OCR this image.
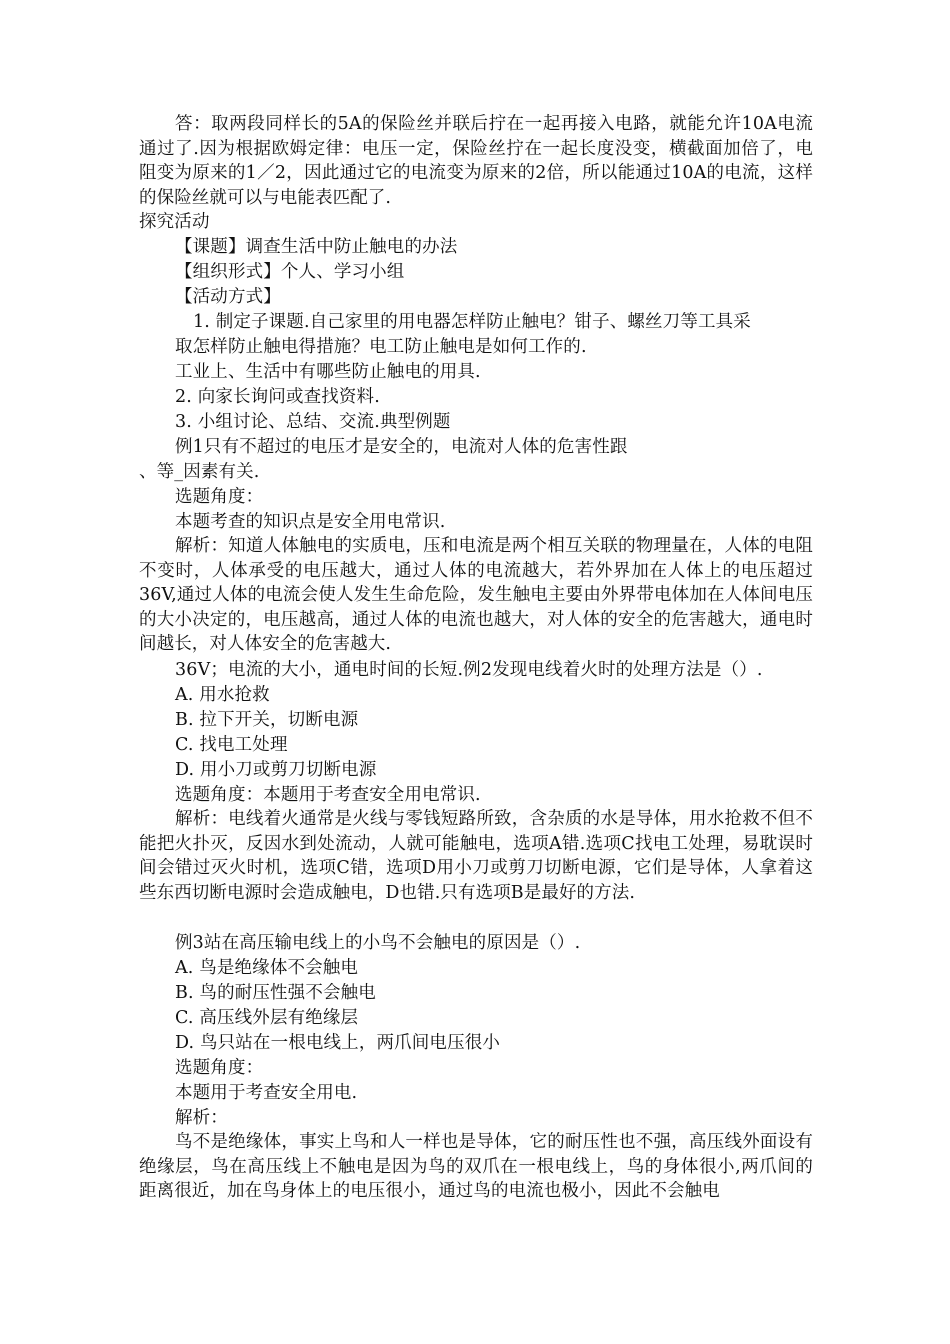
答：取两段同样长的5A的保险丝并联后拧在一起再接入电路，就能允许10A电流通过了.因为根据欧姆定律：电压一定，保险丝拧在一起长度没变，横截面加倍了，电阻变为原来的1／2，因此通过它的电流变为原来的2倍，所以能通过10A的电流，这样的保险丝就可以与电能表匹配了.
探究活动
【课题】调查生活中防止触电的办法
【组织形式】个人、学习小组
【活动方式】
1. 制定子课题.自己家里的用电器怎样防止触电？钳子、螺丝刀等工具采
取怎样防止触电得措施？电工防止触电是如何工作的.
工业上、生活中有哪些防止触电的用具.
2. 向家长询问或查找资料.
3. 小组讨论、总结、交流.典型例题
例1只有不超过的电压才是安全的，电流对人体的危害性跟
、等_因素有关.
选题角度：
本题考查的知识点是安全用电常识.
解析：知道人体触电的实质电，压和电流是两个相互关联的物理量在，人体的电阻不变时，人体承受的电压越大，通过人体的电流越大，若外界加在人体上的电压超过36V,通过人体的电流会使人发生生命危险，发生触电主要由外界带电体加在人体间电压的大小决定的，电压越高，通过人体的电流也越大，对人体的安全的危害越大，通电时间越长，对人体安全的危害越大.
36V；电流的大小，通电时间的长短.例2发现电线着火时的处理方法是（）.
A. 用水抢救
B. 拉下开关，切断电源
C. 找电工处理
D. 用小刀或剪刀切断电源
选题角度：本题用于考查安全用电常识.
解析：电线着火通常是火线与零钱短路所致，含杂质的水是导体，用水抢救不但不能把火扑灭，反因水到处流动，人就可能触电，选项A错.选项C找电工处理，易耽误时间会错过灭火时机，选项C错，选项D用小刀或剪刀切断电源，它们是导体，人拿着这些东西切断电源时会造成触电，D也错.只有选项B是最好的方法.
例3站在高压输电线上的小鸟不会触电的原因是（）.
A. 鸟是绝缘体不会触电
B. 鸟的耐压性强不会触电
C. 高压线外层有绝缘层
D. 鸟只站在一根电线上，两爪间电压很小
选题角度：
本题用于考查安全用电.
解析：
鸟不是绝缘体，事实上鸟和人一样也是导体，它的耐压性也不强，高压线外面设有绝缘层，鸟在高压线上不触电是因为鸟的双爪在一根电线上，鸟的身体很小,两爪间的距离很近，加在鸟身体上的电压很小，通过鸟的电流也极小，因此不会触电
